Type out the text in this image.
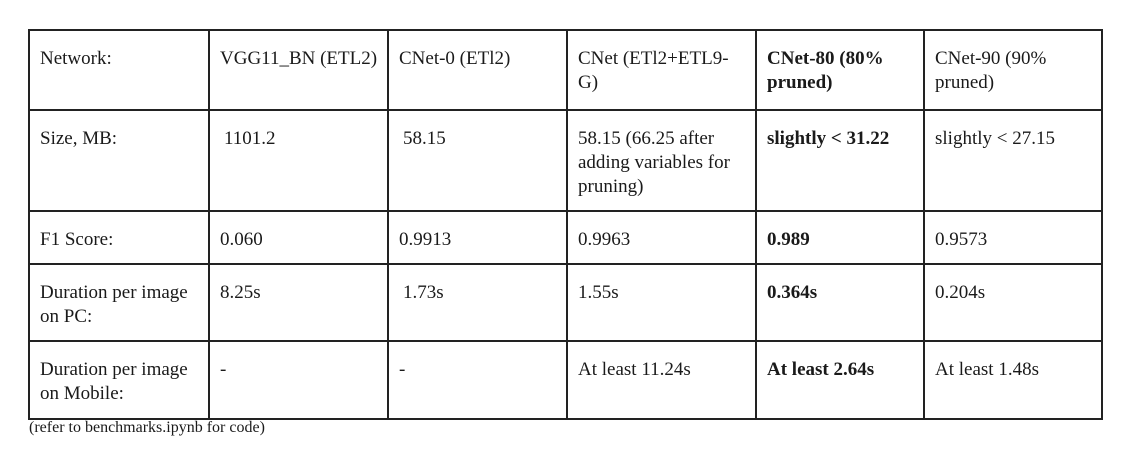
Network:	VGG11_BN (ETL2)	CNet-0 (ETl2)	CNet (ETl2+ETL9-G)	CNet-80 (80% pruned)	CNet-90 (90% pruned)
Size, MB:	1101.2	58.15	58.15 (66.25 after adding variables for pruning)	slightly < 31.22	slightly < 27.15
F1 Score:	0.060	0.9913	0.9963	0.989	0.9573
Duration per image on PC:	8.25s	1.73s	1.55s	0.364s	0.204s
Duration per image on Mobile:	-	-	At least 11.24s	At least 2.64s	At least 1.48s
(refer to benchmarks.ipynb for code)
